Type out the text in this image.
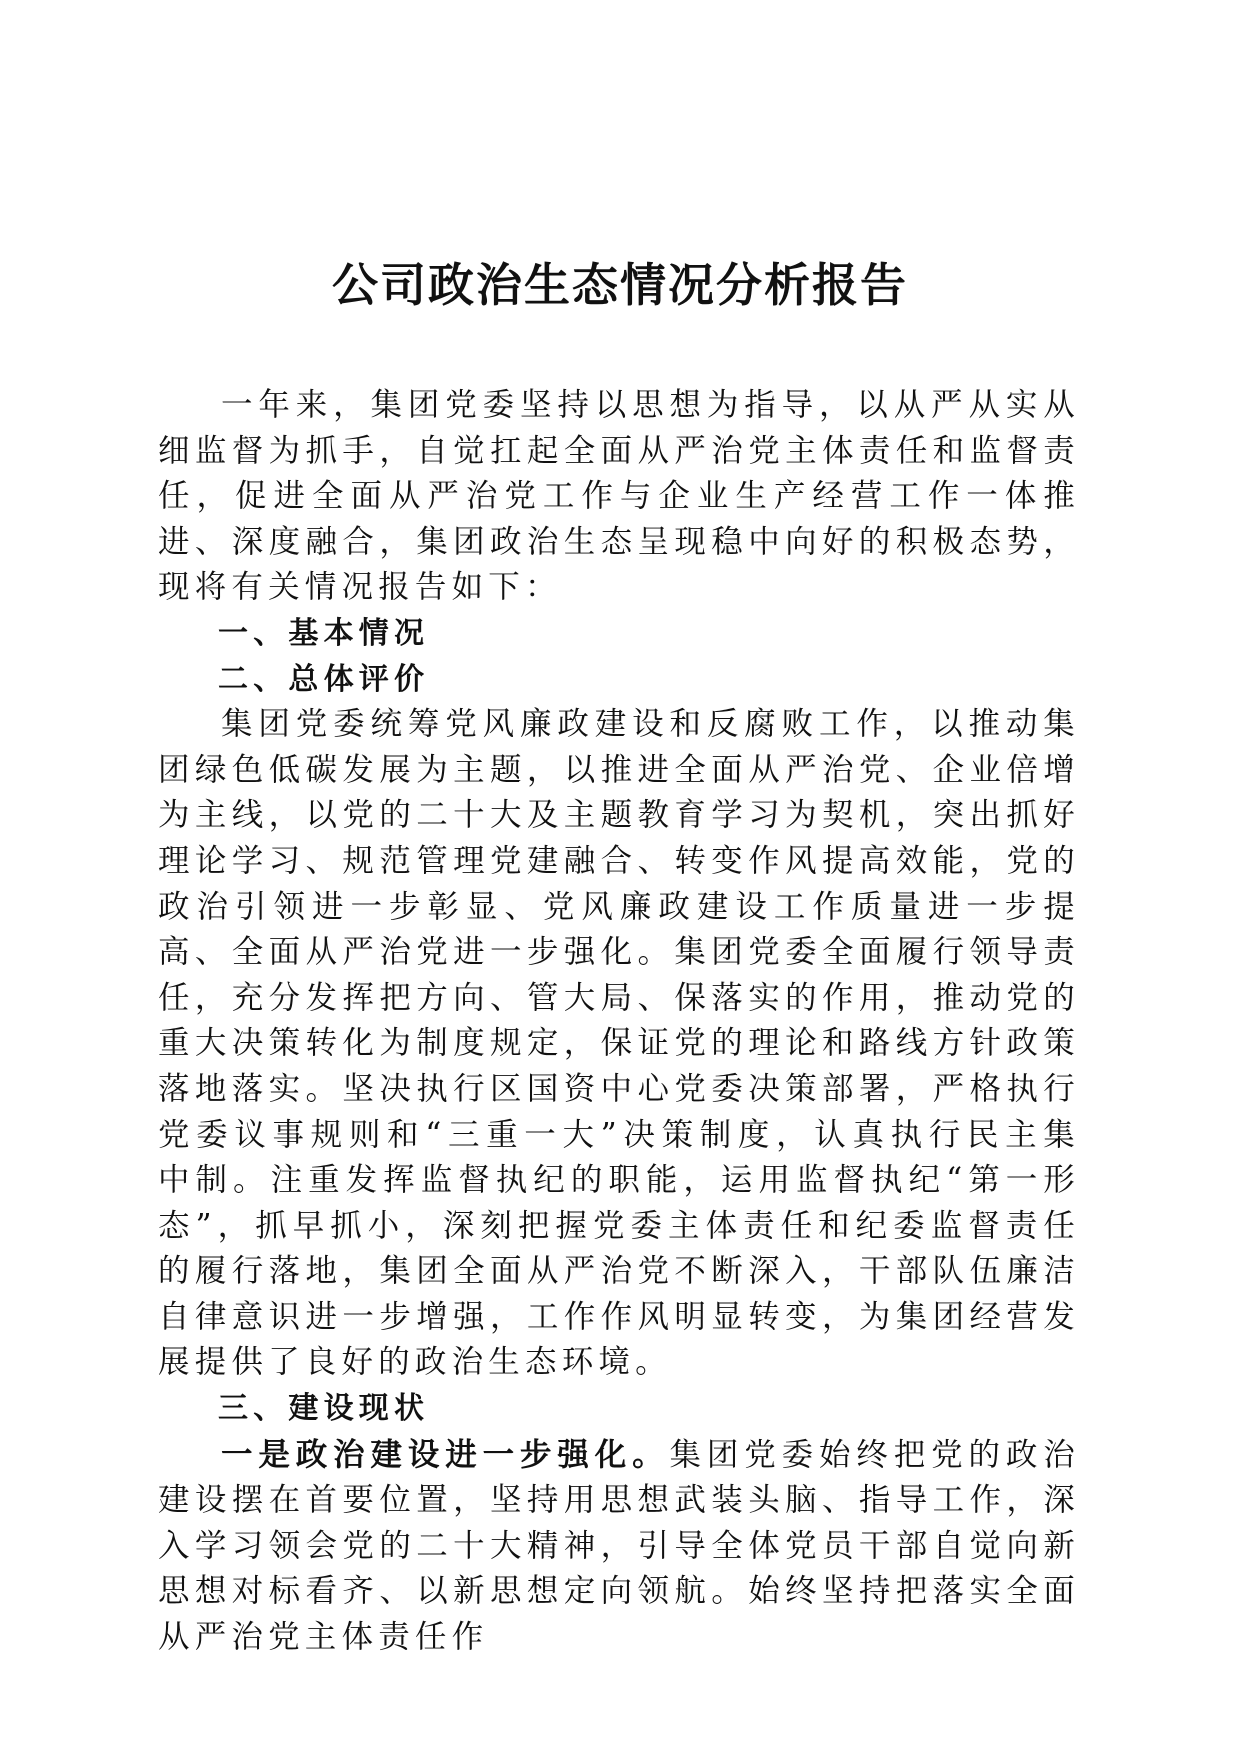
公司政治生态情况分析报告

一年来，集团党委坚持以思想为指导，以从严从实从细监督为抓手，自觉扛起全面从严治党主体责任和监督责任，促进全面从严治党工作与企业生产经营工作一体推进、深度融合，集团政治生态呈现稳中向好的积极态势，现将有关情况报告如下：

一、基本情况

二、总体评价

集团党委统筹党风廉政建设和反腐败工作，以推动集团绿色低碳发展为主题，以推进全面从严治党、企业倍增为主线，以党的二十大及主题教育学习为契机，突出抓好理论学习、规范管理党建融合、转变作风提高效能，党的政治引领进一步彰显、党风廉政建设工作质量进一步提高、全面从严治党进一步强化。集团党委全面履行领导责任，充分发挥把方向、管大局、保落实的作用，推动党的重大决策转化为制度规定，保证党的理论和路线方针政策落地落实。坚决执行区国资中心党委决策部署，严格执行党委议事规则和“三重一大”决策制度，认真执行民主集中制。注重发挥监督执纪的职能，运用监督执纪“第一形态”，抓早抓小，深刻把握党委主体责任和纪委监督责任的履行落地，集团全面从严治党不断深入，干部队伍廉洁自律意识进一步增强，工作作风明显转变，为集团经营发展提供了良好的政治生态环境。

三、建设现状

一是政治建设进一步强化。集团党委始终把党的政治建设摆在首要位置，坚持用思想武装头脑、指导工作，深入学习领会党的二十大精神，引导全体党员干部自觉向新思想对标看齐、以新思想定向领航。始终坚持把落实全面从严治党主体责任作
